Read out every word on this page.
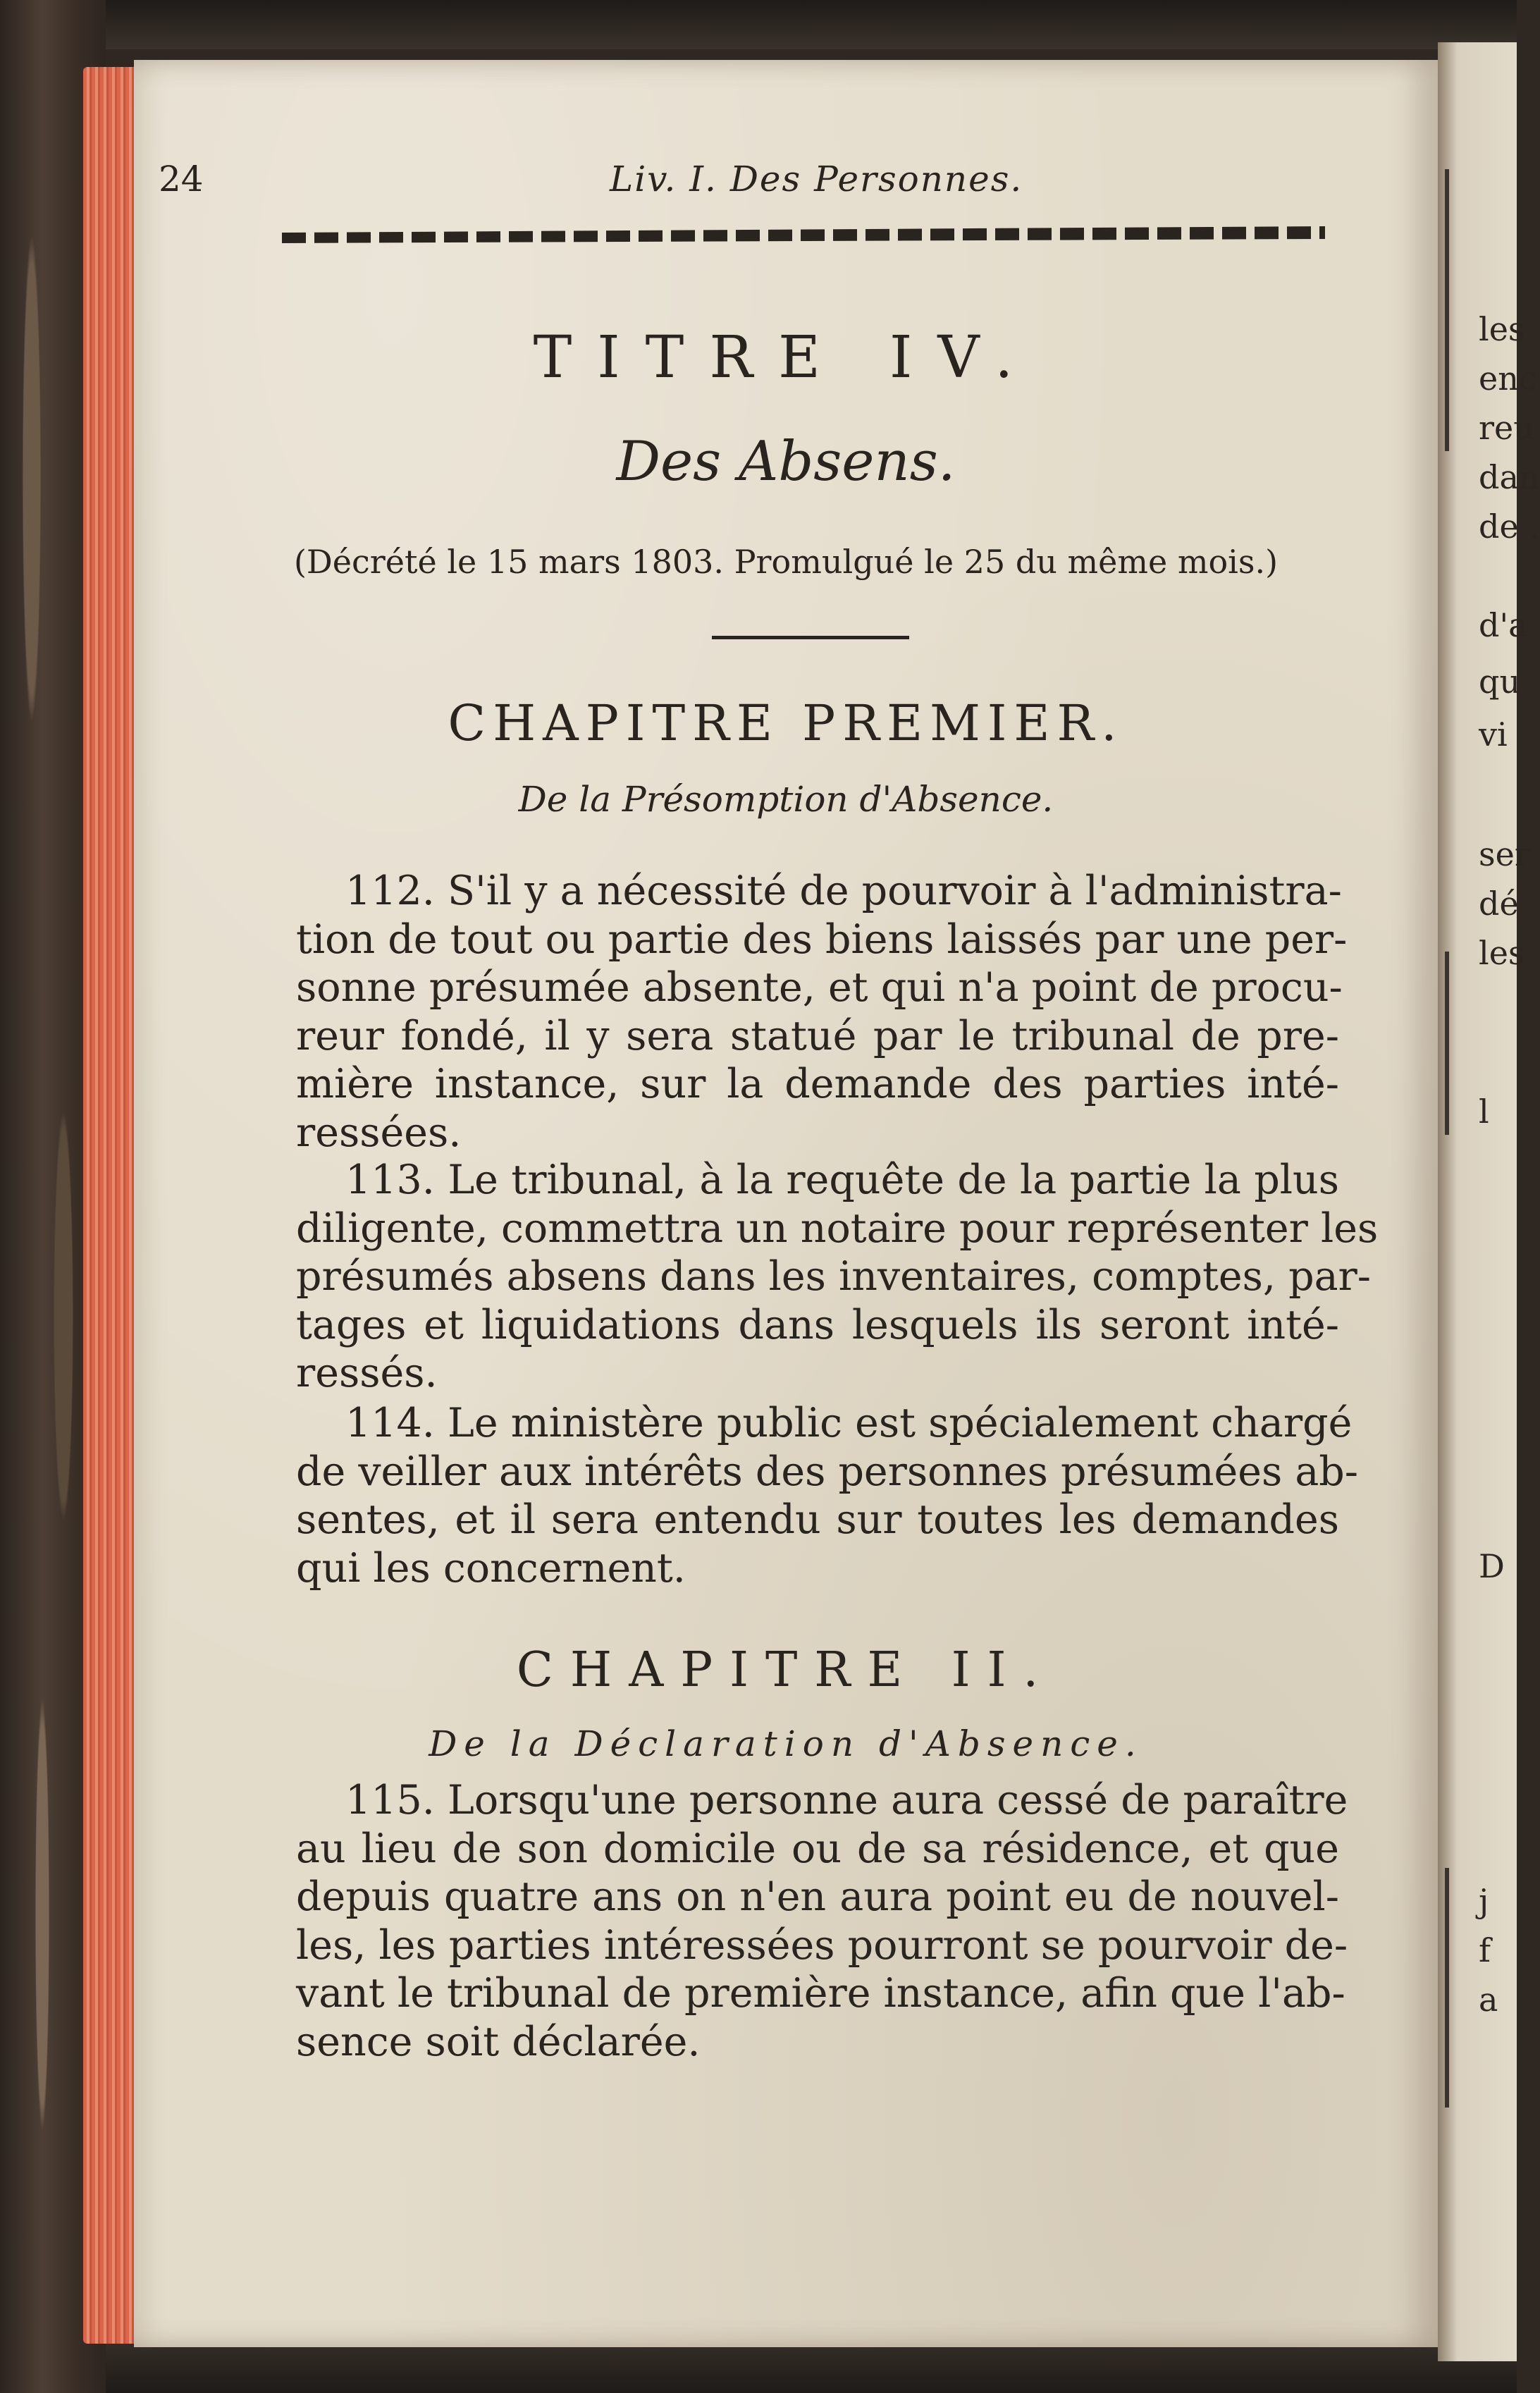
les
enc
reu
dan
de .
d'a
qu
vi
ser
dé
les
l
D
j
f
a
24	Liv. I. Des Personnes.
TITRE IV.
Des Absens.
(Décrété le 15 mars 1803. Promulgué le 25 du même mois.)
CHAPITRE PREMIER.
De la Présomption d'Absence.
112. S'il y a nécessité de pourvoir à l'administra-
tion de tout ou partie des biens laissés par une per-
sonne présumée absente, et qui n'a point de procu-
reur fondé, il y sera statué par le tribunal de pre-
mière instance, sur la demande des parties inté-
ressées.
113. Le tribunal, à la requête de la partie la plus
diligente, commettra un notaire pour représenter les
présumés absens dans les inventaires, comptes, par-
tages et liquidations dans lesquels ils seront inté-
ressés.
114. Le ministère public est spécialement chargé
de veiller aux intérêts des personnes présumées ab-
sentes, et il sera entendu sur toutes les demandes
qui les concernent.
CHAPITRE II.
De la Déclaration d'Absence.
115. Lorsqu'une personne aura cessé de paraître
au lieu de son domicile ou de sa résidence, et que
depuis quatre ans on n'en aura point eu de nouvel-
les, les parties intéressées pourront se pourvoir de-
vant le tribunal de première instance, afin que l'ab-
sence soit déclarée.
